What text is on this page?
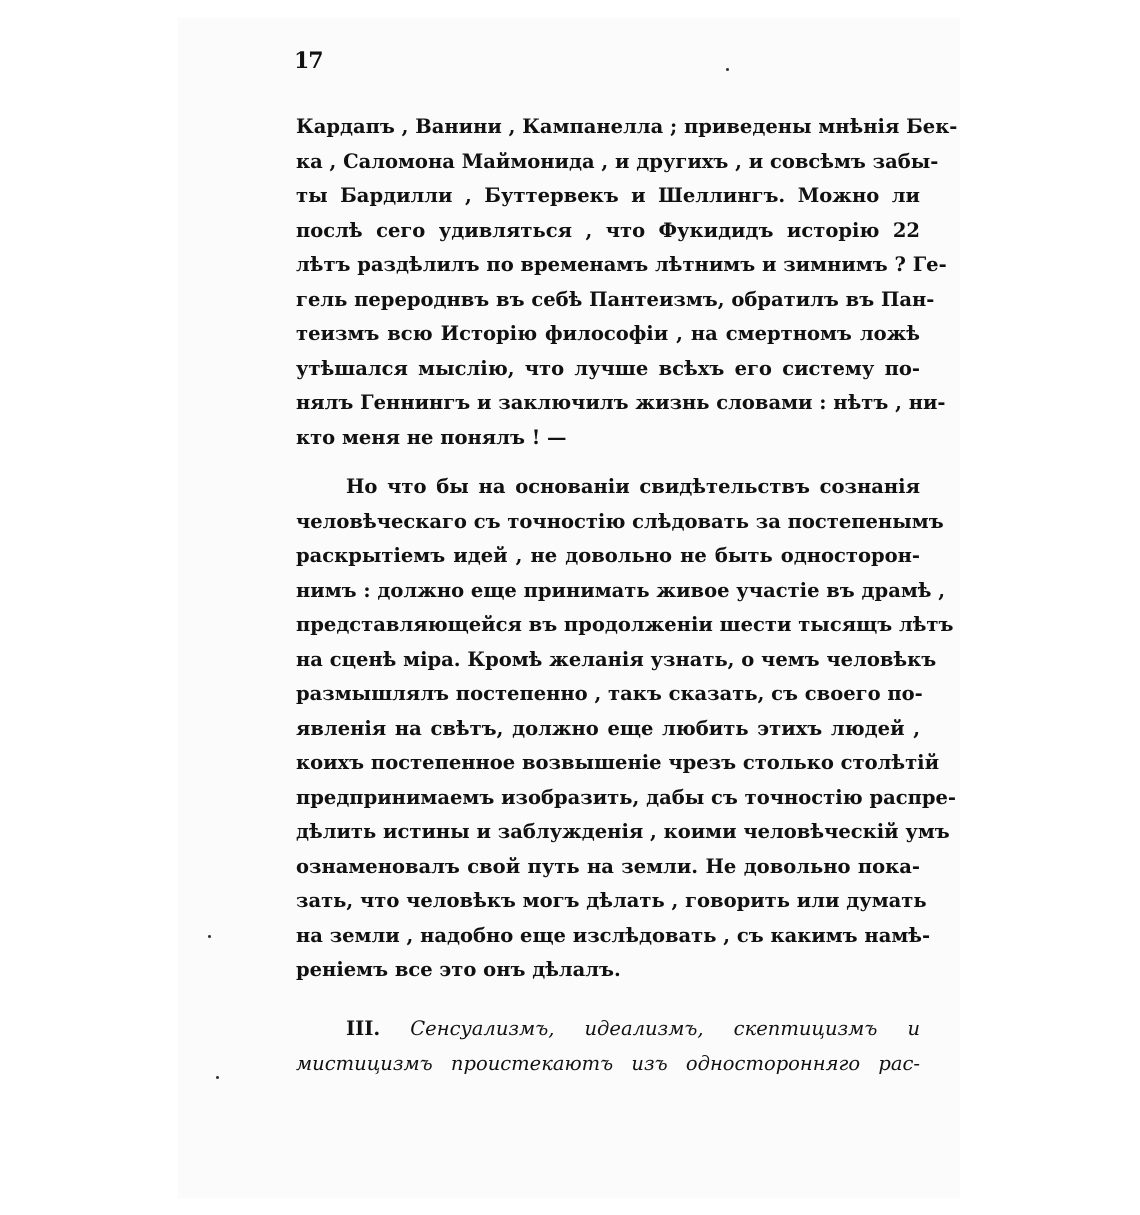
17
Кардапъ , Ванини , Кампанелла ; приведены мнѣнія Бек-
ка , Саломона Маймонида , и другихъ , и совсѣмъ забы-
ты Бардилли , Буттервекъ и Шеллингъ. Можно ли
послѣ сего удивляться , что Фукидидъ исторію 22
лѣтъ раздѣлилъ по временамъ лѣтнимъ и зимнимъ ? Ге-
гель перероднвъ въ себѣ Пантеизмъ, обратилъ въ Пан-
теизмъ всю Исторію философіи , на смертномъ ложѣ
утѣшался мыслію, что лучше всѣхъ его систему по-
нялъ Геннингъ и заключилъ жизнь словами : нѣтъ , ни-
кто меня не понялъ ! —
Но что бы на основаніи свидѣтельствъ сознанія
человѣческаго съ точностію слѣдовать за постепенымъ
раскрытіемъ идей , не довольно не быть односторон-
нимъ : должно еще принимать живое участіе въ драмѣ ,
представляющейся въ продолженіи шести тысящъ лѣтъ
на сценѣ міра. Кромѣ желанія узнать, о чемъ человѣкъ
размышлялъ постепенно , такъ сказать, съ своего по-
явленія на свѣтъ, должно еще любить этихъ людей ,
коихъ постепенное возвышеніе чрезъ столько столѣтій
предпринимаемъ изобразить, дабы съ точностію распре-
дѣлить истины и заблужденія , коими человѣческій умъ
ознаменовалъ свой путь на земли. Не довольно пока-
зать, что человѣкъ могъ дѣлать , говорить или думать
на земли , надобно еще изслѣдовать , съ какимъ намѣ-
реніемъ все это онъ дѣлалъ.
III. Сенсуализмъ, идеализмъ, скептицизмъ и
мистицизмъ проистекаютъ изъ односторонняго рас-
